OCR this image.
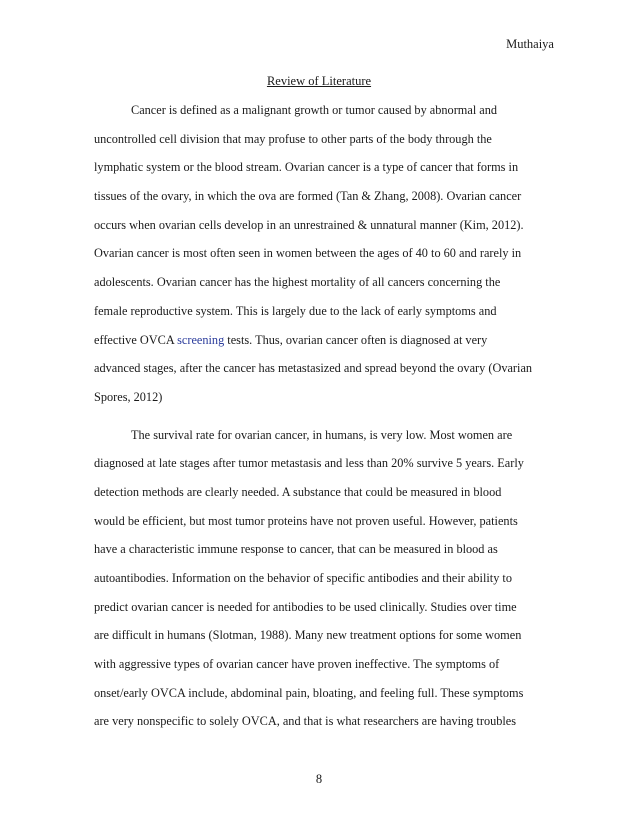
Muthaiya
Review of Literature
Cancer is defined as a malignant growth or tumor caused by abnormal and
uncontrolled cell division that may profuse to other parts of the body through the
lymphatic system or the blood stream. Ovarian cancer is a type of cancer that forms in
tissues of the ovary, in which the ova are formed (Tan & Zhang, 2008). Ovarian cancer
occurs when ovarian cells develop in an unrestrained & unnatural manner (Kim, 2012).
Ovarian cancer is most often seen in women between the ages of 40 to 60 and rarely in
adolescents. Ovarian cancer has the highest mortality of all cancers concerning the
female reproductive system. This is largely due to the lack of early symptoms and
effective OVCA screening tests. Thus, ovarian cancer often is diagnosed at very
advanced stages, after the cancer has metastasized and spread beyond the ovary (Ovarian
Spores, 2012)
The survival rate for ovarian cancer, in humans, is very low. Most women are
diagnosed at late stages after tumor metastasis and less than 20% survive 5 years. Early
detection methods are clearly needed. A substance that could be measured in blood
would be efficient, but most tumor proteins have not proven useful. However, patients
have a characteristic immune response to cancer, that can be measured in blood as
autoantibodies. Information on the behavior of specific antibodies and their ability to
predict ovarian cancer is needed for antibodies to be used clinically. Studies over time
are difficult in humans (Slotman, 1988). Many new treatment options for some women
with aggressive types of ovarian cancer have proven ineffective. The symptoms of
onset/early OVCA include, abdominal pain, bloating, and feeling full. These symptoms
are very nonspecific to solely OVCA, and that is what researchers are having troubles
8
